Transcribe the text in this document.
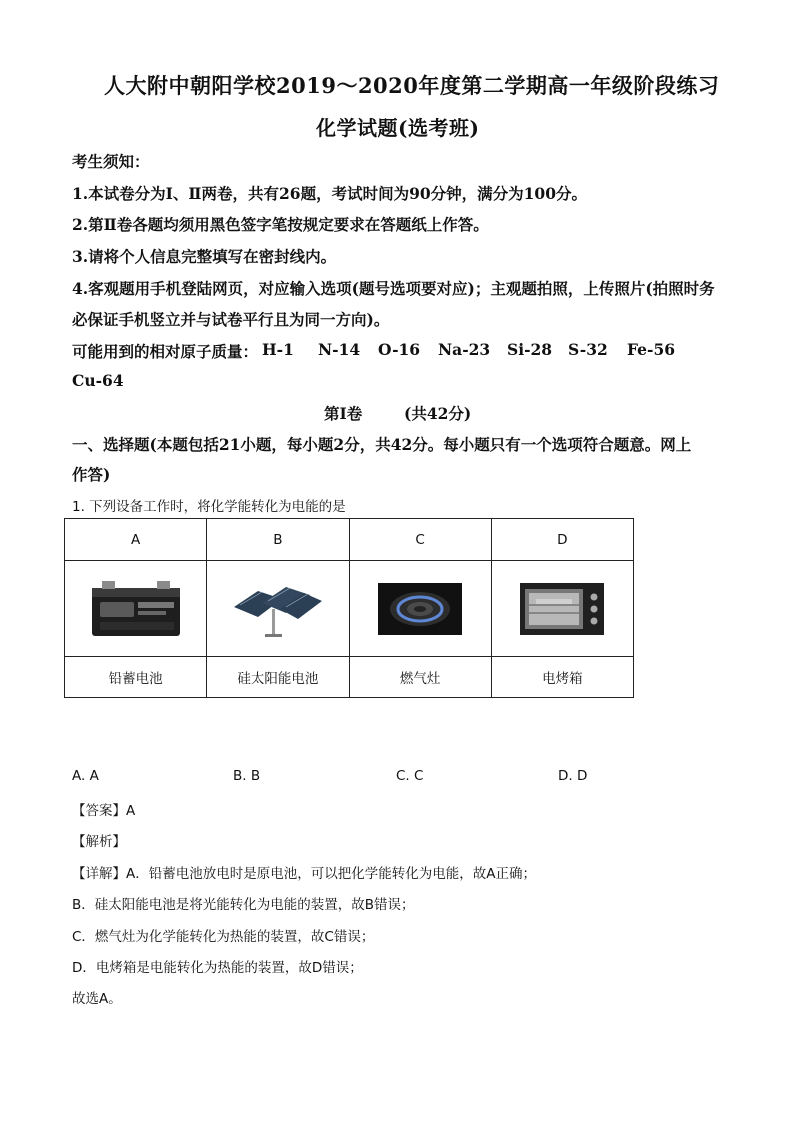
人大附中朝阳学校2019～2020年度第二学期高一年级阶段练习
化学试题(选考班)
考生须知：
1.本试卷分为Ⅰ、Ⅱ两卷，共有26题，考试时间为90分钟，满分为100分。
2.第Ⅱ卷各题均须用黑色签字笔按规定要求在答题纸上作答。
3.请将个人信息完整填写在密封线内。
4.客观题用手机登陆网页，对应输入选项(题号选项要对应)；主观题拍照，上传照片(拍照时务
必保证手机竖立并与试卷平行且为同一方向)。
可能用到的相对原子质量： H-1 N-14 O-16 Na-23 Si-28 S-32 Fe-56
Cu-64
第Ⅰ卷	(共42分)
一、选择题(本题包括21小题，每小题2分，共42分。每小题只有一个选项符合题意。网上
作答)
1. 下列设备工作时，将化学能转化为电能的是
A	B	C	D

铅蓄电池	硅太阳能电池	燃气灶	电烤箱
A. A	B. B	C. C	D. D
【答案】A
【解析】
【详解】A．铅蓄电池放电时是原电池，可以把化学能转化为电能，故A正确；
B．硅太阳能电池是将光能转化为电能的装置，故B错误；
C．燃气灶为化学能转化为热能的装置，故C错误；
D．电烤箱是电能转化为热能的装置，故D错误；
故选A。
